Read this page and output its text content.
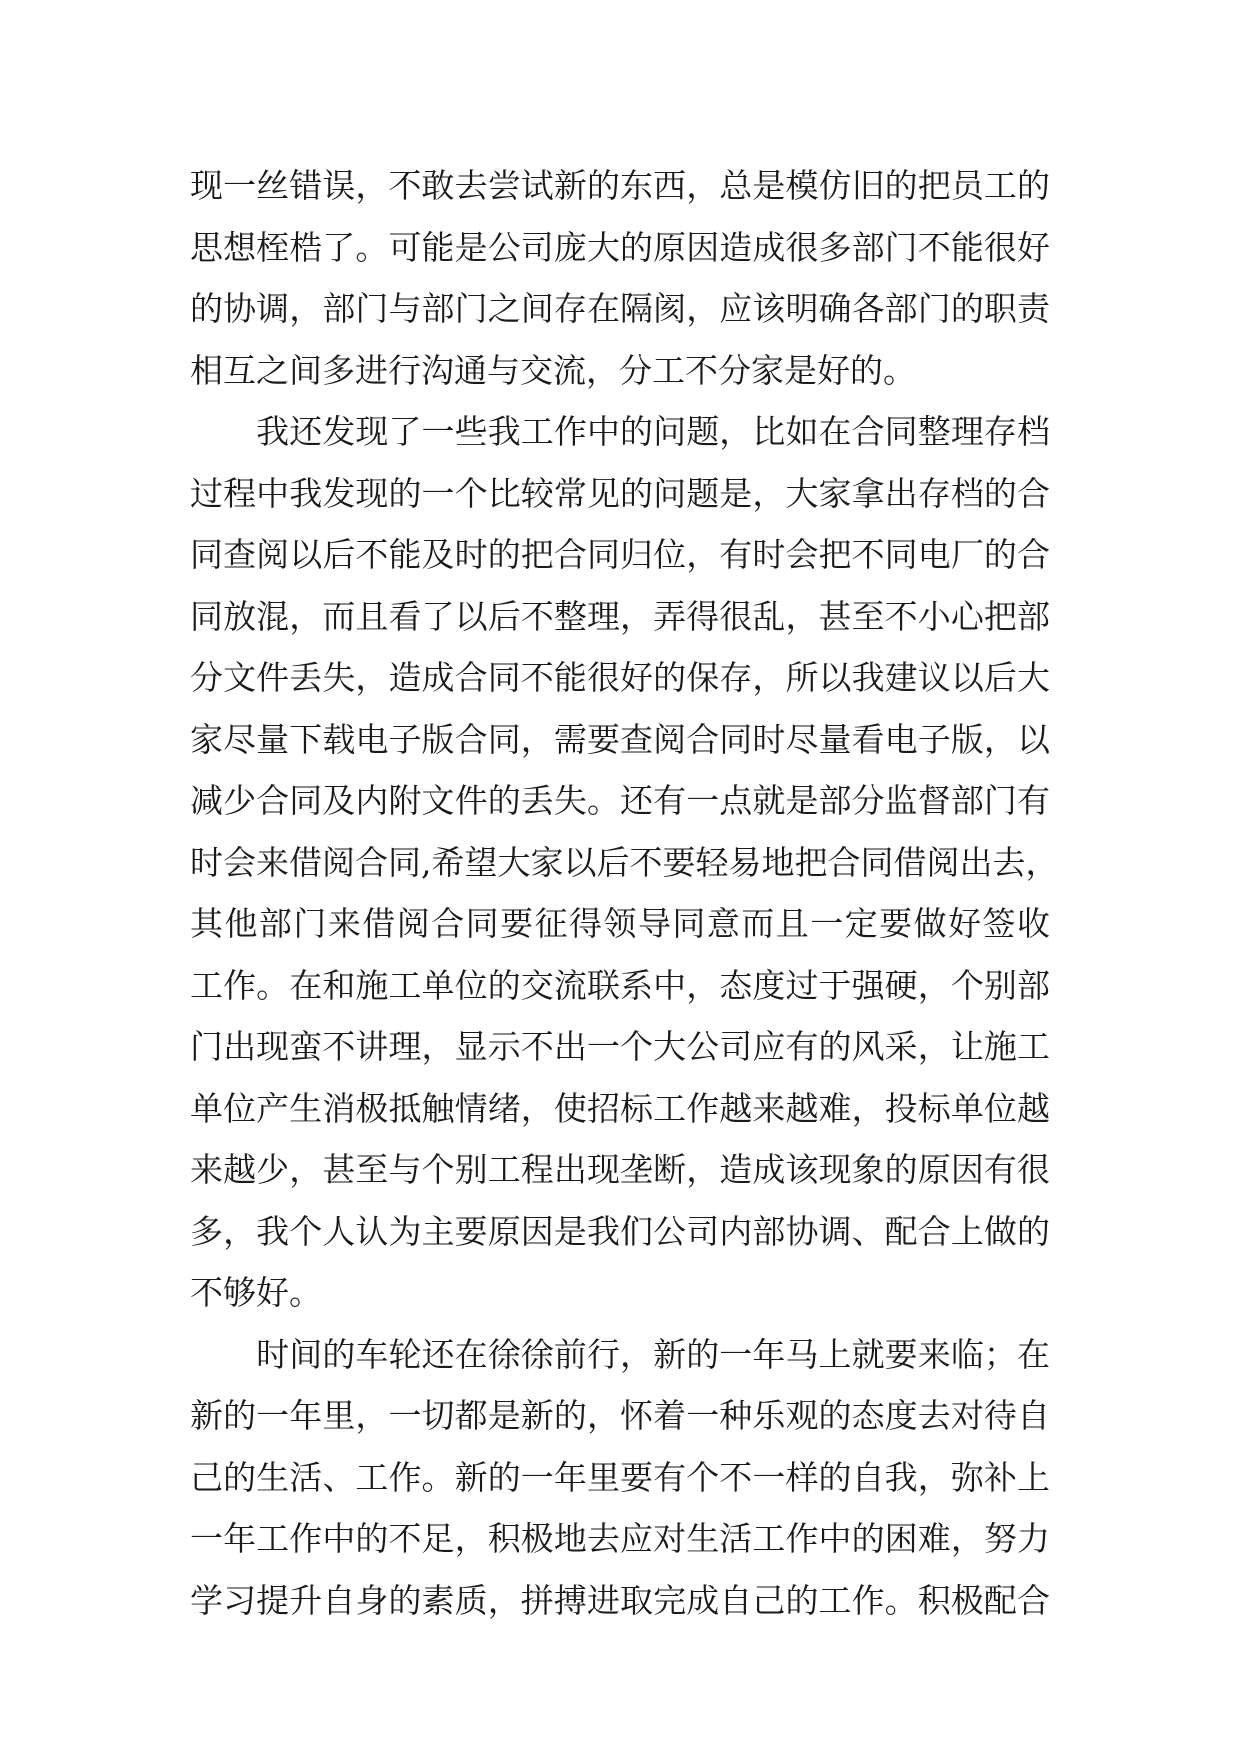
现一丝错误，不敢去尝试新的东西，总是模仿旧的把员工的
思想桎梏了。可能是公司庞大的原因造成很多部门不能很好
的协调，部门与部门之间存在隔阂，应该明确各部门的职责
相互之间多进行沟通与交流，分工不分家是好的。
　　我还发现了一些我工作中的问题，比如在合同整理存档
过程中我发现的一个比较常见的问题是，大家拿出存档的合
同查阅以后不能及时的把合同归位，有时会把不同电厂的合
同放混，而且看了以后不整理，弄得很乱，甚至不小心把部
分文件丢失，造成合同不能很好的保存，所以我建议以后大
家尽量下载电子版合同，需要查阅合同时尽量看电子版，以
减少合同及内附文件的丢失。还有一点就是部分监督部门有
时会来借阅合同,希望大家以后不要轻易地把合同借阅出去，
其他部门来借阅合同要征得领导同意而且一定要做好签收
工作。在和施工单位的交流联系中，态度过于强硬，个别部
门出现蛮不讲理，显示不出一个大公司应有的风采，让施工
单位产生消极抵触情绪，使招标工作越来越难，投标单位越
来越少，甚至与个别工程出现垄断，造成该现象的原因有很
多，我个人认为主要原因是我们公司内部协调、配合上做的
不够好。
　　时间的车轮还在徐徐前行，新的一年马上就要来临；在
新的一年里，一切都是新的，怀着一种乐观的态度去对待自
己的生活、工作。新的一年里要有个不一样的自我，弥补上
一年工作中的不足，积极地去应对生活工作中的困难，努力
学习提升自身的素质，拼搏进取完成自己的工作。积极配合
